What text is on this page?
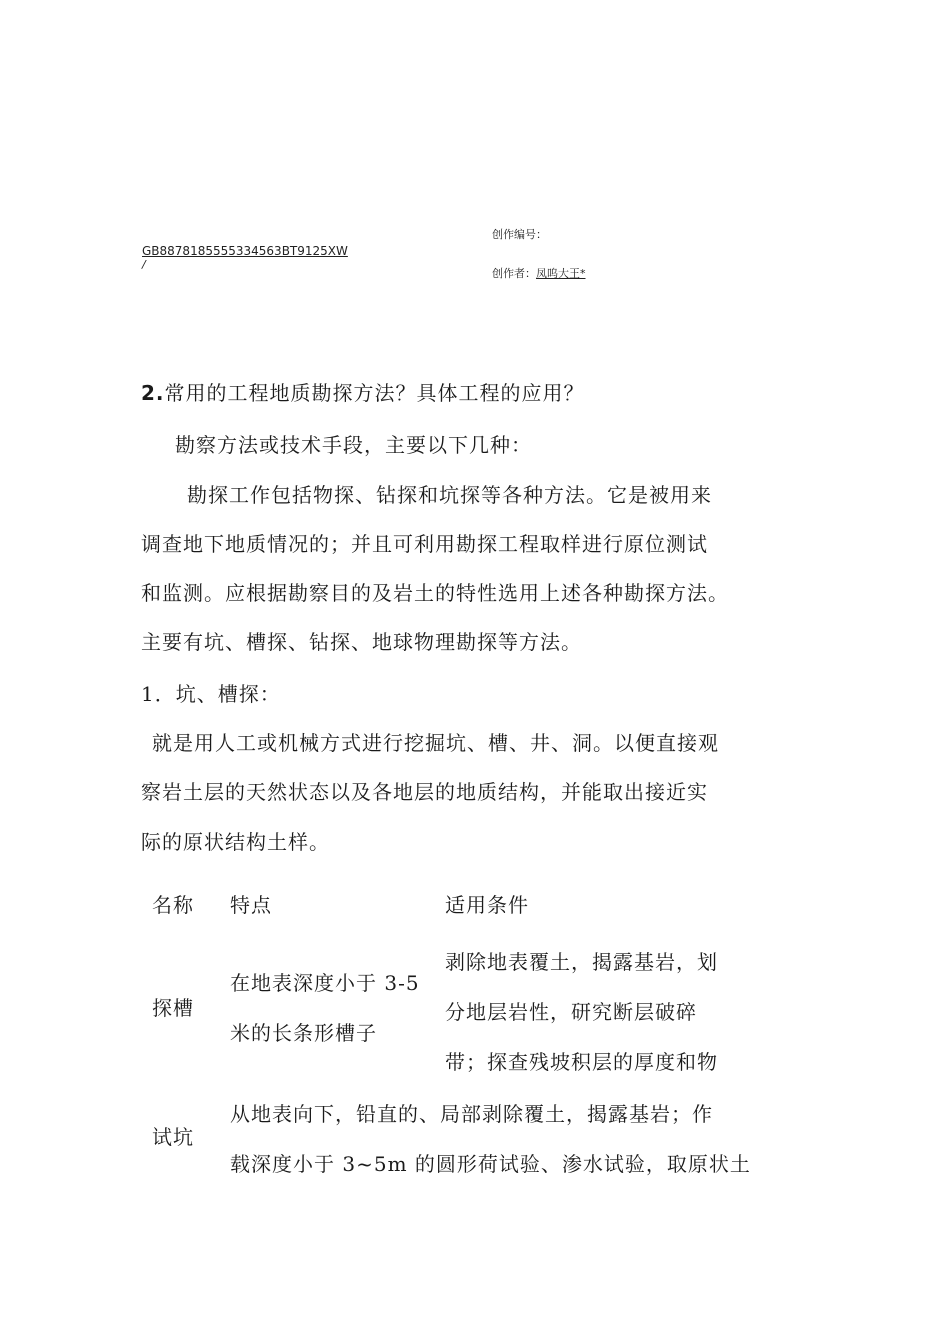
创作编号：
GB8878185555334563BT9125XW
/
创作者：凤呜大王*
2.常用的工程地质勘探方法？具体工程的应用？
勘察方法或技术手段，主要以下几种：
勘探工作包括物探、钻探和坑探等各种方法。它是被用来
调查地下地质情况的；并且可利用勘探工程取样进行原位测试
和监测。应根据勘察目的及岩土的特性选用上述各种勘探方法。
主要有坑、槽探、钻探、地球物理勘探等方法。
1．坑、槽探：
就是用人工或机械方式进行挖掘坑、槽、井、洞。以便直接观
察岩土层的天然状态以及各地层的地质结构，并能取出接近实
际的原状结构土样。
名称 特点	适用条件
探槽
在地表深度小于 3-5
米的长条形槽子
剥除地表覆土，揭露基岩，划
分地层岩性，研究断层破碎
带；探查残坡积层的厚度和物
试坑
从地表向下，铅直的、局部剥除覆土，揭露基岩；作
载深度小于 3~5m 的圆形荷试验、渗水试验，取原状土
